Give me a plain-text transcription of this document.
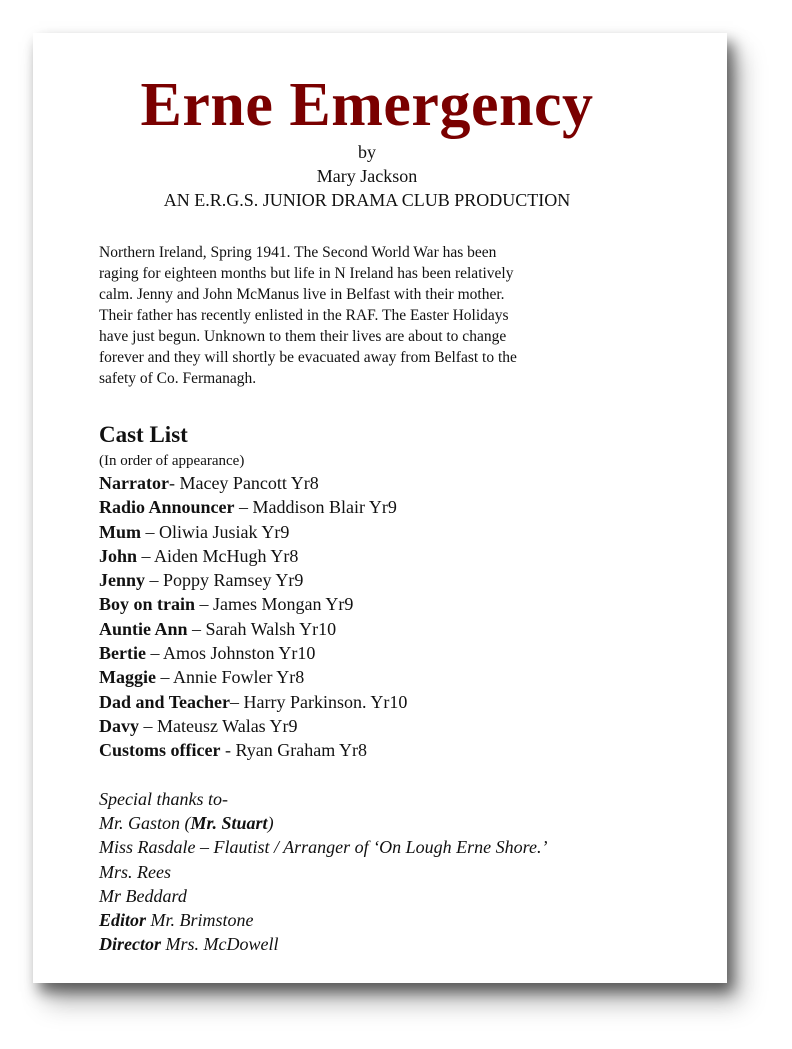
Erne Emergency
by
Mary Jackson
AN E.R.G.S. JUNIOR DRAMA CLUB PRODUCTION

Northern Ireland, Spring 1941. The Second World War has been

raging for eighteen months but life in N Ireland has been relatively

calm. Jenny and John McManus live in Belfast with their mother.

Their father has recently enlisted in the RAF. The Easter Holidays

have just begun. Unknown to them their lives are about to change

forever and they will shortly be evacuated away from Belfast to the

safety of Co. Fermanagh.

Cast List
(In order of appearance)
Narrator- Macey Pancott Yr8
Radio Announcer – Maddison Blair Yr9
Mum – Oliwia Jusiak Yr9
John – Aiden McHugh Yr8
Jenny – Poppy Ramsey Yr9
Boy on train – James Mongan Yr9
Auntie Ann – Sarah Walsh Yr10
Bertie – Amos Johnston Yr10
Maggie – Annie Fowler Yr8
Dad and Teacher– Harry Parkinson. Yr10
Davy – Mateusz Walas Yr9
Customs officer - Ryan Graham Yr8
Special thanks to-
Mr. Gaston (Mr. Stuart)
Miss Rasdale – Flautist / Arranger of ‘On Lough Erne Shore.’
Mrs. Rees
Mr Beddard
Editor Mr. Brimstone
Director Mrs. McDowell
